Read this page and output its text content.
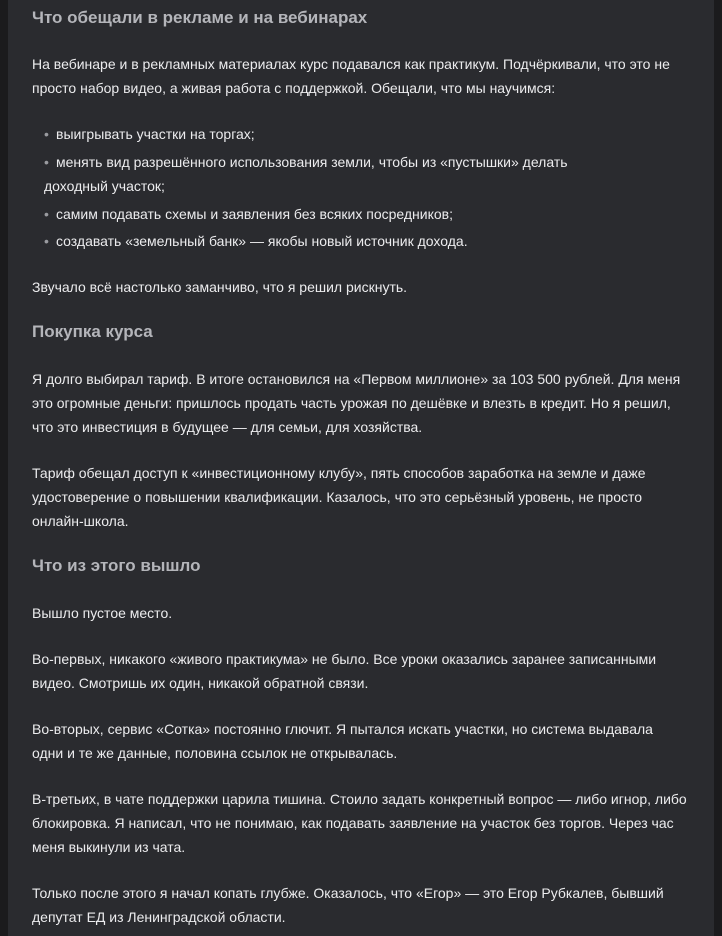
Что обещали в рекламе и на вебинарах

На вебинаре и в рекламных материалах курс подавался как практикум. Подчёркивали, что это не просто набор видео, а живая работа с поддержкой. Обещали, что мы научимся:

• выигрывать участки на торгах;
• менять вид разрешённого использования земли, чтобы из «пустышки» делать доходный участок;
• самим подавать схемы и заявления без всяких посредников;
• создавать «земельный банк» — якобы новый источник дохода.

Звучало всё настолько заманчиво, что я решил рискнуть.

Покупка курса

Я долго выбирал тариф. В итоге остановился на «Первом миллионе» за 103 500 рублей. Для меня это огромные деньги: пришлось продать часть урожая по дешёвке и влезть в кредит. Но я решил, что это инвестиция в будущее — для семьи, для хозяйства.

Тариф обещал доступ к «инвестиционному клубу», пять способов заработка на земле и даже удостоверение о повышении квалификации. Казалось, что это серьёзный уровень, не просто онлайн-школа.

Что из этого вышло

Вышло пустое место.

Во-первых, никакого «живого практикума» не было. Все уроки оказались заранее записанными видео. Смотришь их один, никакой обратной связи.

Во-вторых, сервис «Сотка» постоянно глючит. Я пытался искать участки, но система выдавала одни и те же данные, половина ссылок не открывалась.

В-третьих, в чате поддержки царила тишина. Стоило задать конкретный вопрос — либо игнор, либо блокировка. Я написал, что не понимаю, как подавать заявление на участок без торгов. Через час меня выкинули из чата.

Только после этого я начал копать глубже. Оказалось, что «Егор» — это Егор Рубкалев, бывший депутат ЕД из Ленинградской области.
